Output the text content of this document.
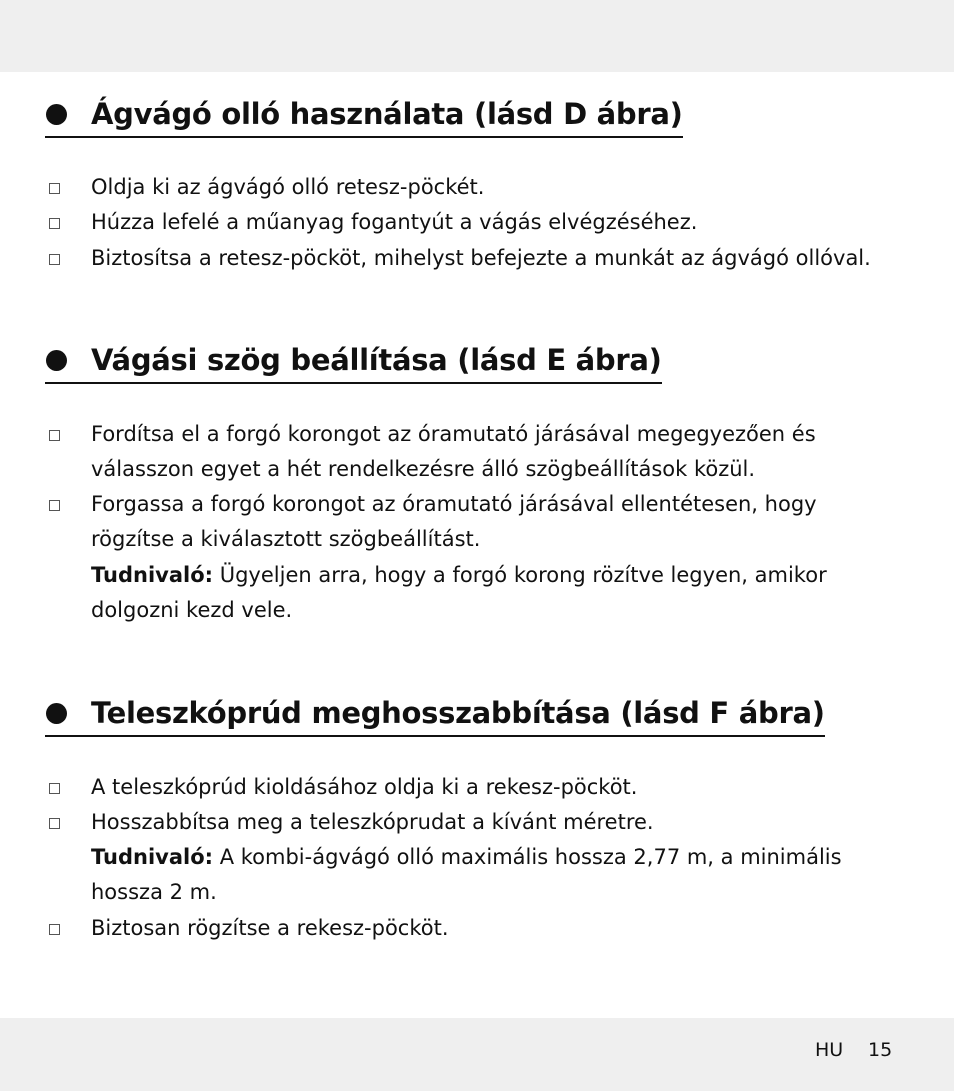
Ágvágó olló használata (lásd D ábra)
Oldja ki az ágvágó olló retesz-pöckét.
Húzza lefelé a műanyag fogantyút a vágás elvégzéséhez.
Biztosítsa a retesz-pöcköt, mihelyst befejezte a munkát az ágvágó ollóval.
Vágási szög beállítása (lásd E ábra)
Fordítsa el a forgó korongot az óramutató járásával megegyezően és
válasszon egyet a hét rendelkezésre álló szögbeállítások közül.
Forgassa a forgó korongot az óramutató járásával ellentétesen, hogy
rögzítse a kiválasztott szögbeállítást.
Tudnivaló: Ügyeljen arra, hogy a forgó korong rözítve legyen, amikor
dolgozni kezd vele.
Teleszkóprúd meghosszabbítása (lásd F ábra)
A teleszkóprúd kioldásához oldja ki a rekesz-pöcköt.
Hosszabbítsa meg a teleszkóprudat a kívánt méretre.
Tudnivaló: A kombi-ágvágó olló maximális hossza 2,77 m, a minimális
hossza 2 m.
Biztosan rögzítse a rekesz-pöcköt.
HU 15
